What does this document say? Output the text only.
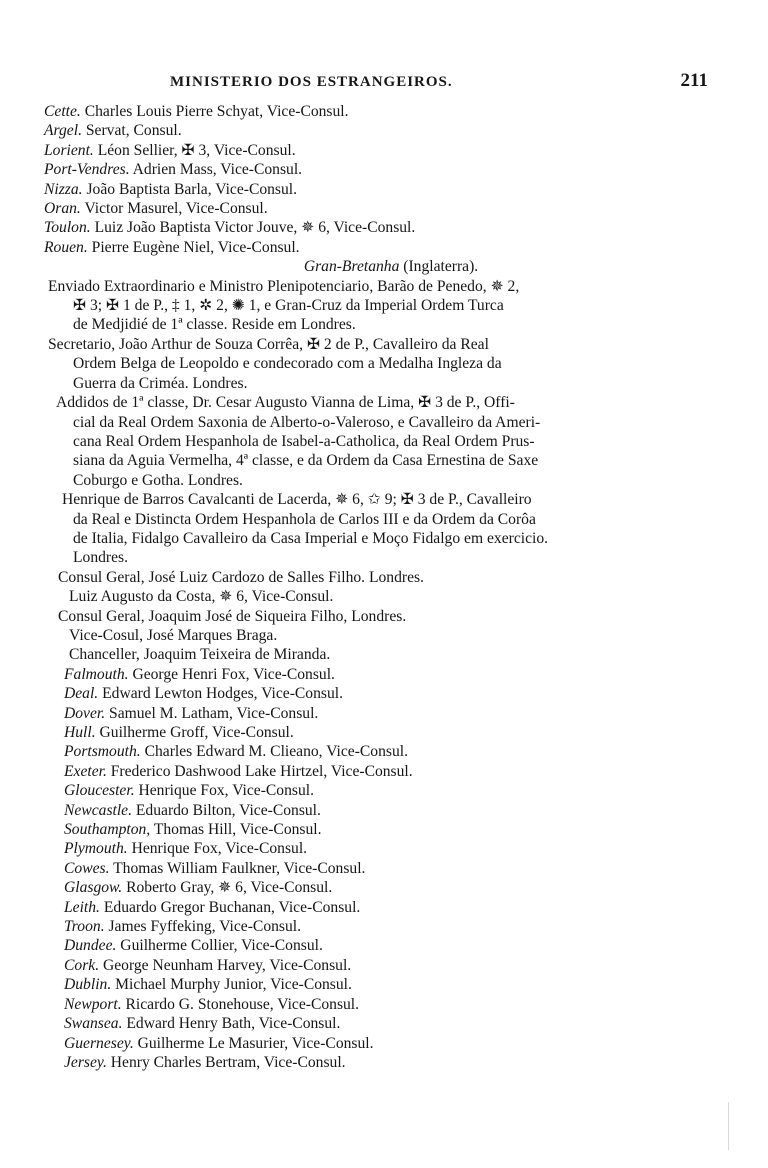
MINISTERIO DOS ESTRANGEIROS.	211
Cette. Charles Louis Pierre Schyat, Vice-Consul.
Argel. Servat, Consul.
Lorient. Léon Sellier, ✠ 3, Vice-Consul.
Port-Vendres. Adrien Mass, Vice-Consul.
Nizza. João Baptista Barla, Vice-Consul.
Oran. Victor Masurel, Vice-Consul.
Toulon. Luiz João Baptista Victor Jouve, ✵ 6, Vice-Consul.
Rouen. Pierre Eugène Niel, Vice-Consul.
Gran-Bretanha (Inglaterra).
Enviado Extraordinario e Ministro Plenipotenciario, Barão de Penedo, ✵ 2,
✠ 3; ✠ 1 de P., ‡ 1, ✲ 2, ✺ 1, e Gran-Cruz da Imperial Ordem Turca
de Medjidié de 1ª classe. Reside em Londres.
Secretario, João Arthur de Souza Corrêa, ✠ 2 de P., Cavalleiro da Real
Ordem Belga de Leopoldo e condecorado com a Medalha Ingleza da
Guerra da Criméa. Londres.
Addidos de 1ª classe, Dr. Cesar Augusto Vianna de Lima, ✠ 3 de P., Offi-
cial da Real Ordem Saxonia de Alberto-o-Valeroso, e Cavalleiro da Ameri-
cana Real Ordem Hespanhola de Isabel-a-Catholica, da Real Ordem Prus-
siana da Aguia Vermelha, 4ª classe, e da Ordem da Casa Ernestina de Saxe
Coburgo e Gotha. Londres.
Henrique de Barros Cavalcanti de Lacerda, ✵ 6, ✩ 9; ✠ 3 de P., Cavalleiro
da Real e Distincta Ordem Hespanhola de Carlos III e da Ordem da Corôa
de Italia, Fidalgo Cavalleiro da Casa Imperial e Moço Fidalgo em exercicio.
Londres.
Consul Geral, José Luiz Cardozo de Salles Filho. Londres.
Luiz Augusto da Costa, ✵ 6, Vice-Consul.
Consul Geral, Joaquim José de Siqueira Filho, Londres.
Vice-Cosul, José Marques Braga.
Chanceller, Joaquim Teixeira de Miranda.
Falmouth. George Henri Fox, Vice-Consul.
Deal. Edward Lewton Hodges, Vice-Consul.
Dover. Samuel M. Latham, Vice-Consul.
Hull. Guilherme Groff, Vice-Consul.
Portsmouth. Charles Edward M. Clieano, Vice-Consul.
Exeter. Frederico Dashwood Lake Hirtzel, Vice-Consul.
Gloucester. Henrique Fox, Vice-Consul.
Newcastle. Eduardo Bilton, Vice-Consul.
Southampton, Thomas Hill, Vice-Consul.
Plymouth. Henrique Fox, Vice-Consul.
Cowes. Thomas William Faulkner, Vice-Consul.
Glasgow. Roberto Gray, ✵ 6, Vice-Consul.
Leith. Eduardo Gregor Buchanan, Vice-Consul.
Troon. James Fyffeking, Vice-Consul.
Dundee. Guilherme Collier, Vice-Consul.
Cork. George Neunham Harvey, Vice-Consul.
Dublin. Michael Murphy Junior, Vice-Consul.
Newport. Ricardo G. Stonehouse, Vice-Consul.
Swansea. Edward Henry Bath, Vice-Consul.
Guernesey. Guilherme Le Masurier, Vice-Consul.
Jersey. Henry Charles Bertram, Vice-Consul.
